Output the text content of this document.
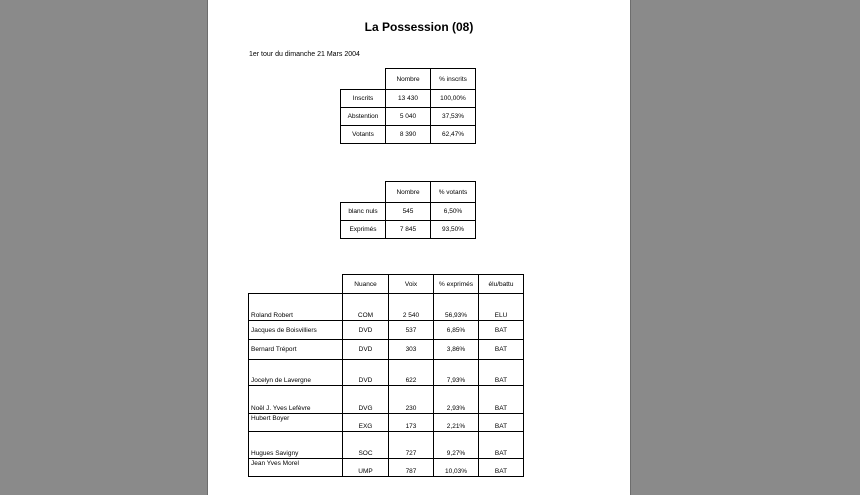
La Possession (08)
1er tour du dimanche 21 Mars 2004
	Nombre	% inscrits
Inscrits	13 430	100,00%
Abstention	5 040	37,53%
Votants	8 390	62,47%
	Nombre	% votants
blanc nuls	545	6,50%
Exprimés	7 845	93,50%
	Nuance	Voix	% exprimés	élu/battu
Roland Robert	COM	2 540	56,93%	ELU
Jacques de Boisvilliers	DVD	537	6,85%	BAT
Bernard Tréport	DVD	303	3,86%	BAT
Jocelyn de Lavergne	DVD	622	7,93%	BAT
Noël J. Yves Lefèvre	DVG	230	2,93%	BAT
Hubert Boyer	EXG	173	2,21%	BAT
Hugues Savigny	SOC	727	9,27%	BAT
Jean Yves Morel	UMP	787	10,03%	BAT
